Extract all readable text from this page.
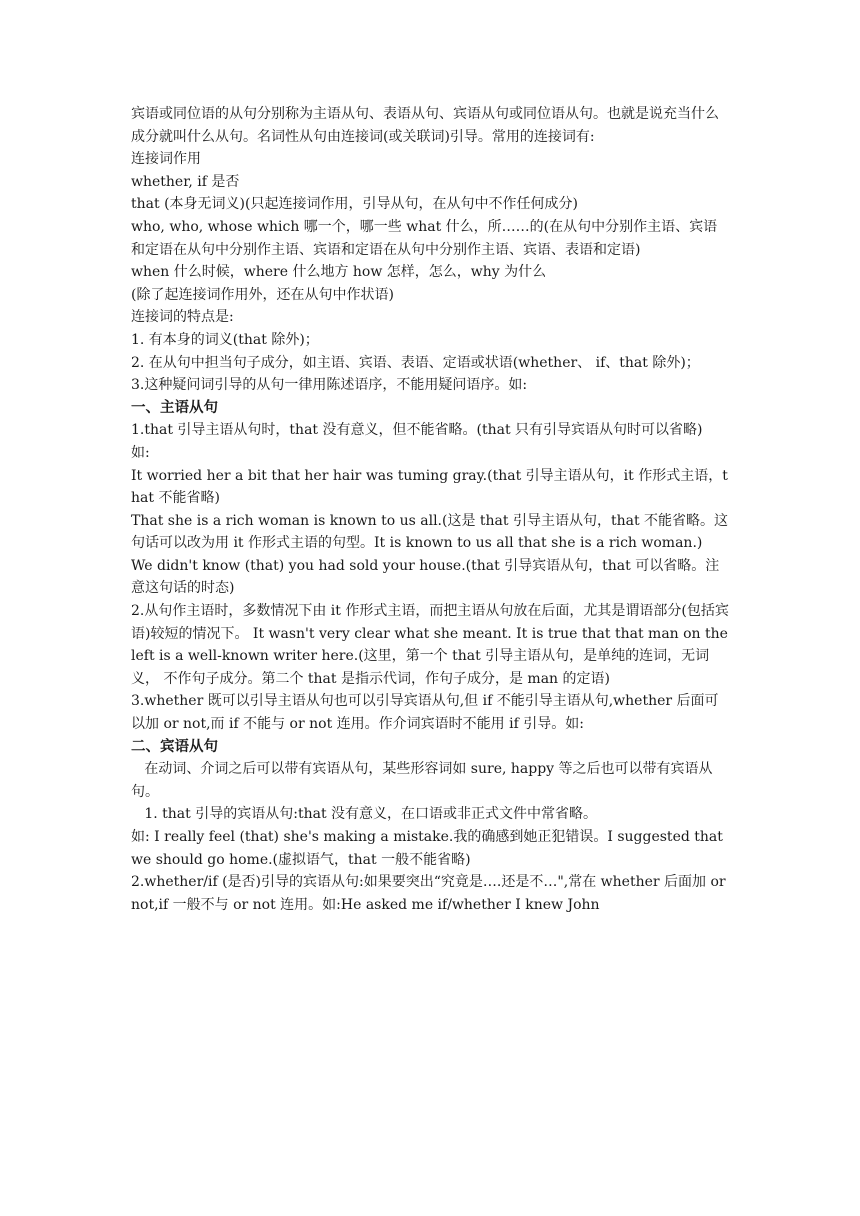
宾语或同位语的从句分别称为主语从句、表语从句、宾语从句或同位语从句。也就是说充当什么成分就叫什么从句。名词性从句由连接词(或关联词)引导。常用的连接词有:

连接词作用

whether, if 是否

that (本身无词义)(只起连接词作用，引导从句，在从句中不作任何成分)

who, who, whose which 哪一个，哪一些 what 什么，所……的(在从句中分别作主语、宾语和定语在从句中分别作主语、宾语和定语在从句中分别作主语、宾语、表语和定语)

when 什么时候，where 什么地方 how 怎样，怎么，why 为什么

(除了起连接词作用外，还在从句中作状语)

连接词的特点是:

1. 有本身的词义(that 除外)；

2. 在从句中担当句子成分，如主语、宾语、表语、定语或状语(whether、 if、that 除外)；

3.这种疑问词引导的从句一律用陈述语序，不能用疑问语序。如:

一、主语从句

1.that 引导主语从句时，that 没有意义，但不能省略。(that 只有引导宾语从句时可以省略)

如:

It worried her a bit that her hair was tuming gray.(that 引导主语从句，it 作形式主语，that 不能省略)

That she is a rich woman is known to us all.(这是 that 引导主语从句，that 不能省略。这句话可以改为用 it 作形式主语的句型。It is known to us all that she is a rich woman.)

We didn't know (that) you had sold your house.(that 引导宾语从句，that 可以省略。注意这句话的时态)

2.从句作主语时，多数情况下由 it 作形式主语，而把主语从句放在后面，尤其是谓语部分(包括宾语)较短的情况下。 It wasn't very clear what she meant. It is true that that man on the left is a well-known writer here.(这里，第一个 that 引导主语从句，是单纯的连词，无词义， 不作句子成分。第二个 that 是指示代词，作句子成分，是 man 的定语)

3.whether 既可以引导主语从句也可以引导宾语从句,但 if 不能引导主语从句,whether 后面可以加 or not,而 if 不能与 or not 连用。作介词宾语时不能用 if 引导。如:

二、宾语从句

在动词、介词之后可以带有宾语从句，某些形容词如 sure, happy 等之后也可以带有宾语从句。

1. that 引导的宾语从句:that 没有意义，在口语或非正式文件中常省略。

如: I really feel (that) she's making a mistake.我的确感到她正犯错误。I suggested that we should go home.(虚拟语气，that 一般不能省略)

2.whether/if (是否)引导的宾语从句:如果要突出“究竟是….还是不…",常在 whether 后面加 or not,if 一般不与 or not 连用。如:He asked me if/whether I knew John
